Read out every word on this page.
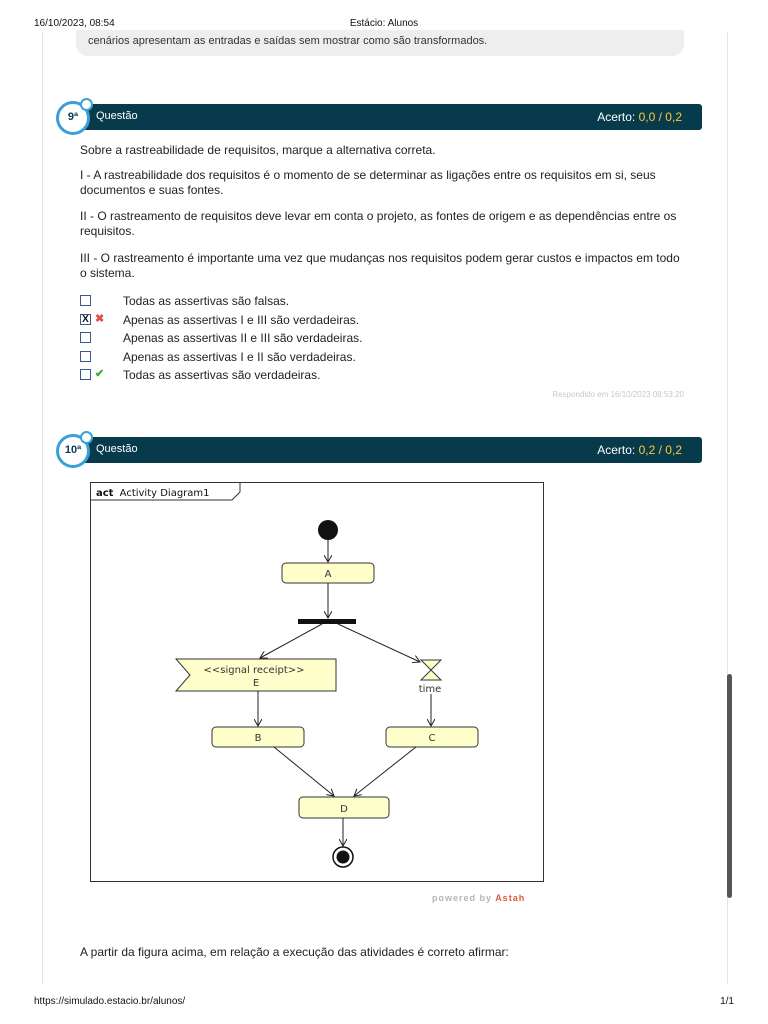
16/10/2023, 08:54	Estácio: Alunos
cenários apresentam as entradas e saídas sem mostrar como são transformados.
Questão	Acerto: 0,0 / 0,2
9ª
Sobre a rastreabilidade de requisitos, marque a alternativa correta.
I - A rastreabilidade dos requisitos é o momento de se determinar as ligações entre os requisitos em si, seus documentos e suas fontes.
II - O rastreamento de requisitos deve levar em conta o projeto, as fontes de origem e as dependências entre os requisitos.
III - O rastreamento é importante uma vez que mudanças nos requisitos podem gerar custos e impactos em todo o sistema.
Todas as assertivas são falsas.
X ✖ Apenas as assertivas I e III são verdadeiras.
Apenas as assertivas II e III são verdadeiras.
Apenas as assertivas I e II são verdadeiras.
✔ Todas as assertivas são verdadeiras.
Respondido em 16/10/2023 08:53:20
Questão	Acerto: 0,2 / 0,2
10ª
act Activity Diagram1
A
<<signal receipt>>
E
time
B	C
D
powered by Astah
A partir da figura acima, em relação a execução das atividades é correto afirmar:
https://simulado.estacio.br/alunos/	1/1
